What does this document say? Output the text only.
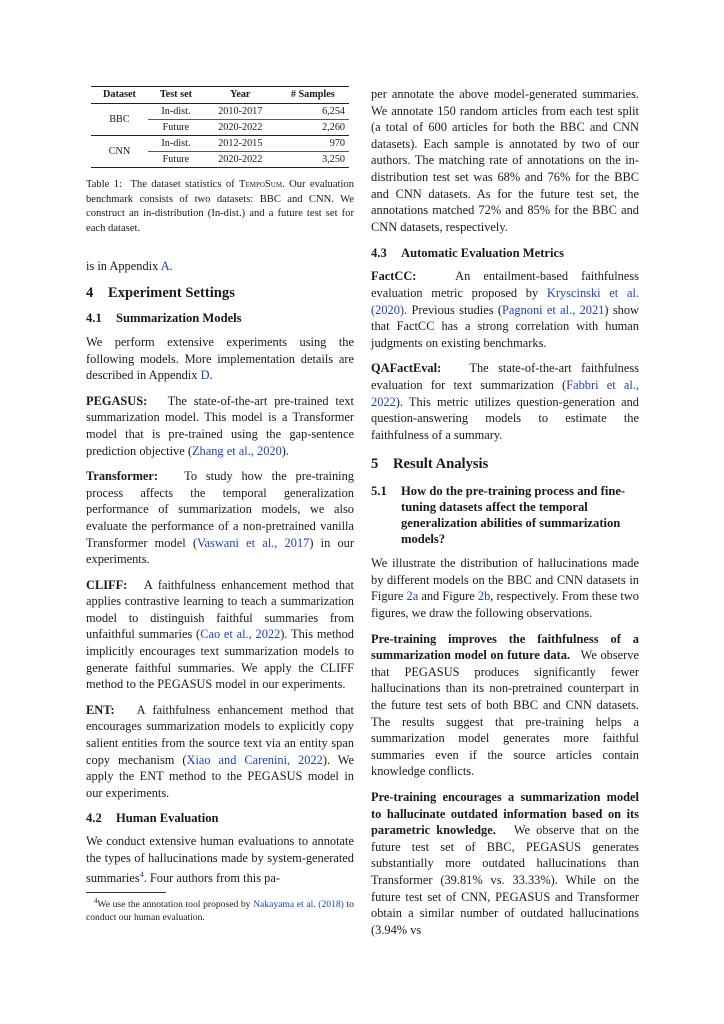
Dataset	Test set	Year	# Samples
BBC	In-dist.	2010-2017	6,254
	Future	2020-2022	2,260
CNN	In-dist.	2012-2015	970
	Future	2020-2022	3,250

Table 1: The dataset statistics of TempoSum. Our evaluation benchmark consists of two datasets: BBC and CNN. We construct an in-distribution (In-dist.) and a future test set for each dataset.

is in Appendix A.

4 Experiment Settings
4.1 Summarization Models

We perform extensive experiments using the following models. More implementation details are described in Appendix D.

PEGASUS: The state-of-the-art pre-trained text summarization model. This model is a Transformer model that is pre-trained using the gap-sentence prediction objective (Zhang et al., 2020).

Transformer: To study how the pre-training process affects the temporal generalization performance of summarization models, we also evaluate the performance of a non-pretrained vanilla Transformer model (Vaswani et al., 2017) in our experiments.

CLIFF: A faithfulness enhancement method that applies contrastive learning to teach a summarization model to distinguish faithful summaries from unfaithful summaries (Cao et al., 2022). This method implicitly encourages text summarization models to generate faithful summaries. We apply the CLIFF method to the PEGASUS model in our experiments.

ENT: A faithfulness enhancement method that encourages summarization models to explicitly copy salient entities from the source text via an entity span copy mechanism (Xiao and Carenini, 2022). We apply the ENT method to the PEGASUS model in our experiments.

4.2 Human Evaluation

We conduct extensive human evaluations to annotate the types of hallucinations made by system-generated summaries$^4$. Four authors from this pa-

$^4$We use the annotation tool proposed by Nakayama et al. (2018) to conduct our human evaluation.

per annotate the above model-generated summaries. We annotate 150 random articles from each test split (a total of 600 articles for both the BBC and CNN datasets). Each sample is annotated by two of our authors. The matching rate of annotations on the in-distribution test set was 68% and 76% for the BBC and CNN datasets. As for the future test set, the annotations matched 72% and 85% for the BBC and CNN datasets, respectively.

4.3 Automatic Evaluation Metrics

FactCC:	An entailment-based faithfulness evaluation metric proposed by Kryscinski et al. (2020). Previous studies (Pagnoni et al., 2021) show that FactCC has a strong correlation with human judgments on existing benchmarks.

QAFactEval: The state-of-the-art faithfulness evaluation for text summarization (Fabbri et al., 2022). This metric utilizes question-generation and question-answering models to estimate the faithfulness of a summary.

5 Result Analysis
5.1	How do the pre-training process and fine-tuning datasets affect the temporal generalization abilities of summarization models?

We illustrate the distribution of hallucinations made by different models on the BBC and CNN datasets in Figure 2a and Figure 2b, respectively. From these two figures, we draw the following observations.

Pre-training improves the faithfulness of a summarization model on future data. We observe that PEGASUS produces significantly fewer hallucinations than its non-pretrained counterpart in the future test sets of both BBC and CNN datasets. The results suggest that pre-training helps a summarization model generates more faithful summaries even if the source articles contain knowledge conflicts.

Pre-training encourages a summarization model to hallucinate outdated information based on its parametric knowledge. We observe that on the future test set of BBC, PEGASUS generates substantially more outdated hallucinations than Transformer (39.81% vs. 33.33%). While on the future test set of CNN, PEGASUS and Transformer obtain a similar number of outdated hallucinations (3.94% vs
